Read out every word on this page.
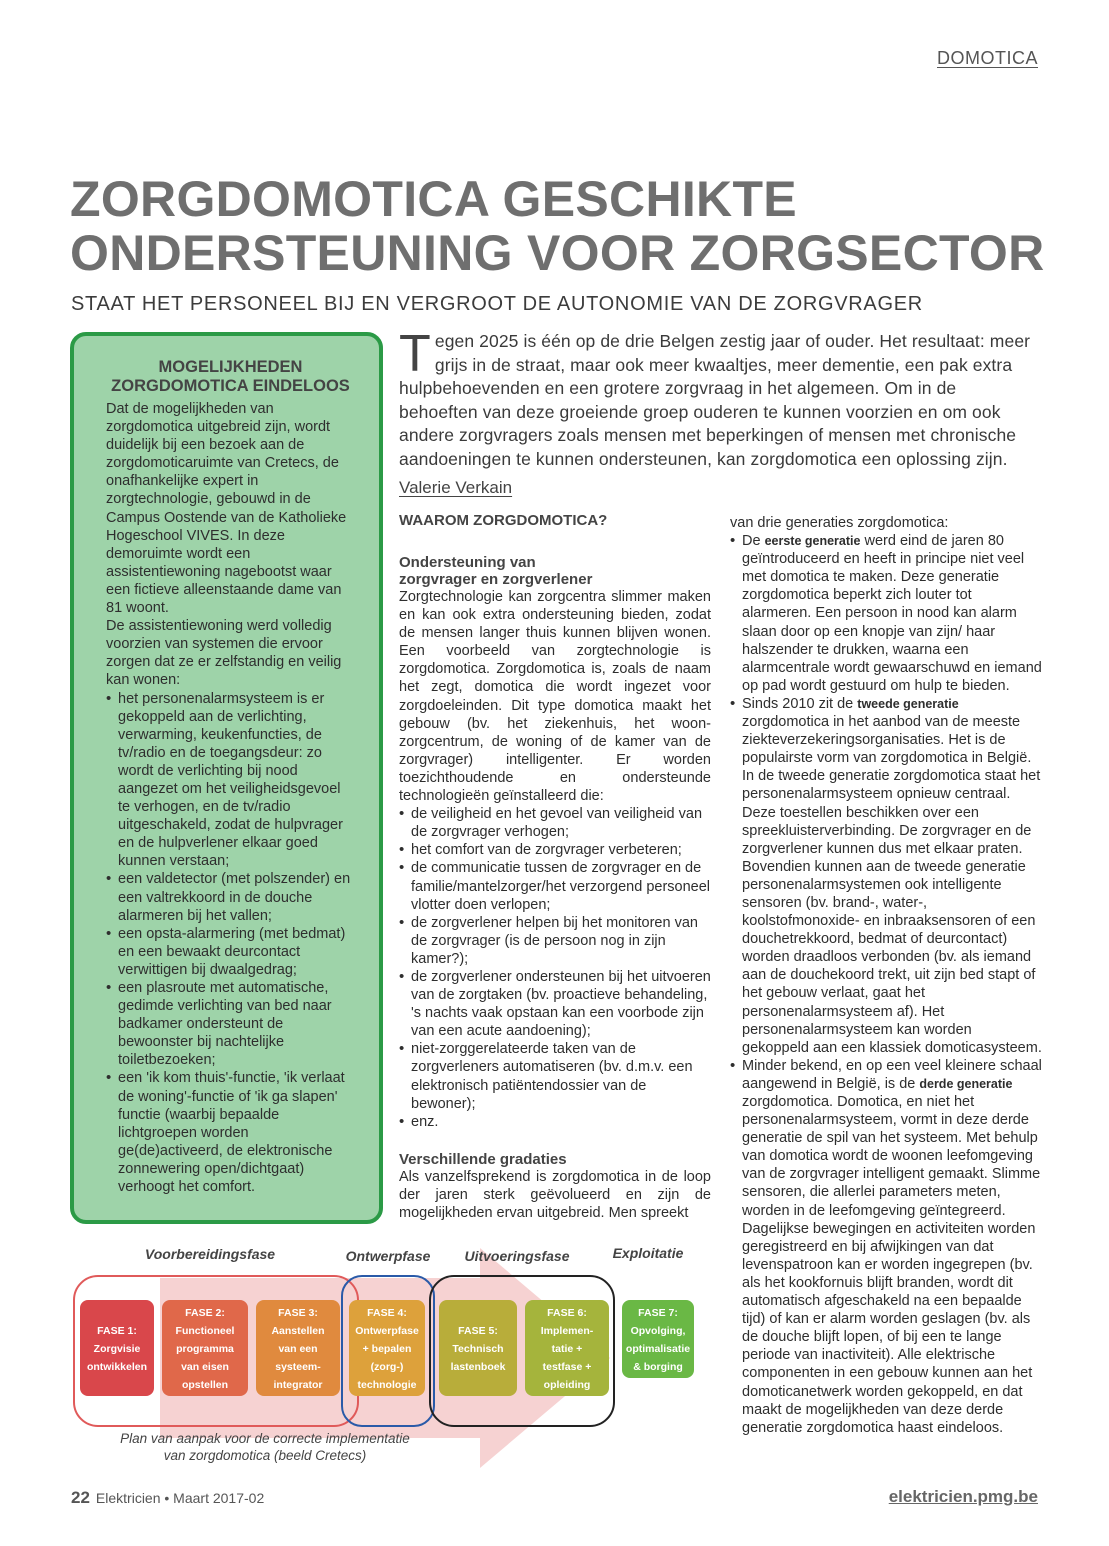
DOMOTICA
ZORGDOMOTICA GESCHIKTE
ONDERSTEUNING VOOR ZORGSECTOR
STAAT HET PERSONEEL BIJ EN VERGROOT DE AUTONOMIE VAN DE ZORGVRAGER
MOGELIJKHEDEN
ZORGDOMOTICA EINDELOOS

Dat de mogelijkheden van zorgdomotica uitgebreid zijn, wordt duidelijk bij een bezoek aan de zorgdomoticaruimte van Cretecs, de onafhankelijke expert in zorgtechnologie, gebouwd in de Campus Oostende van de Katholieke Hogeschool VIVES. In deze demoruimte wordt een assistentiewoning nagebootst waar een fictieve alleenstaande dame van 81 woont.

De assistentiewoning werd volledig voorzien van systemen die ervoor zorgen dat ze er zelfstandig en veilig kan wonen:

• het personenalarmsysteem is er gekoppeld aan de verlichting, verwarming, keukenfuncties, de tv/radio en de toegangsdeur: zo wordt de verlichting bij nood aangezet om het veiligheidsgevoel te verhogen, en de tv/radio uitgeschakeld, zodat de hulpvrager en de hulpverlener elkaar goed kunnen verstaan;
• een valdetector (met polszender) en een valtrekkoord in de douche alarmeren bij het vallen;
• een opsta-alarmering (met bedmat) en een bewaakt deurcontact verwittigen bij dwaalgedrag;
• een plasroute met automatische, gedimde verlichting van bed naar badkamer ondersteunt de bewoonster bij nachtelijke toiletbezoeken;
• een 'ik kom thuis'-functie, 'ik verlaat de woning'-functie of 'ik ga slapen' functie (waarbij bepaalde lichtgroepen worden ge(de)activeerd, de elektronische zonnewering open/dichtgaat) verhoogt het comfort.
Tegen 2025 is één op de drie Belgen zestig jaar of ouder. Het resultaat: meer grijs in de straat, maar ook meer kwaaltjes, meer dementie, een pak extra hulpbehoevenden en een grotere zorgvraag in het algemeen. Om in de behoeften van deze groeiende groep ouderen te kunnen voorzien en om ook andere zorgvragers zoals mensen met beperkingen of mensen met chronische aandoeningen te kunnen ondersteunen, kan zorgdomotica een oplossing zijn.
Valerie Verkain
WAAROM ZORGDOMOTICA?
Ondersteuning van
zorgvrager en zorgverlener

Zorgtechnologie kan zorgcentra slimmer maken en kan ook extra ondersteuning bieden, zodat de mensen langer thuis kunnen blijven wonen. Een voorbeeld van zorgtechnologie is zorgdomotica. Zorgdomotica is, zoals de naam het zegt, domotica die wordt ingezet voor zorgdoeleinden. Dit type domotica maakt het gebouw (bv. het ziekenhuis, het woon-zorgcentrum, de woning of de kamer van de zorgvrager) intelligenter. Er worden toezichthoudende en ondersteunde technologieën geïnstalleerd die:

• de veiligheid en het gevoel van veiligheid van de zorgvrager verhogen;
• het comfort van de zorgvrager verbeteren;
• de communicatie tussen de zorgvrager en de familie/mantelzorger/het verzorgend personeel vlotter doen verlopen;
• de zorgverlener helpen bij het monitoren van de zorgvrager (is de persoon nog in zijn kamer?);
• de zorgverlener ondersteunen bij het uitvoeren van de zorgtaken (bv. proactieve behandeling, 's nachts vaak opstaan kan een voorbode zijn van een acute aandoening);
• niet-zorggerelateerde taken van de zorgverleners automatiseren (bv. d.m.v. een elektronisch patiëntendossier van de bewoner);
• enz.
Verschillende gradaties

Als vanzelfsprekend is zorgdomotica in de loop der jaren sterk geëvolueerd en zijn de mogelijkheden ervan uitgebreid. Men spreekt

van drie generaties zorgdomotica:

• De eerste generatie werd eind de jaren 80 geïntroduceerd en heeft in principe niet veel met domotica te maken. Deze generatie zorgdomotica beperkt zich louter tot alarmeren. Een persoon in nood kan alarm slaan door op een knopje van zijn/ haar halszender te drukken, waarna een alarmcentrale wordt gewaarschuwd en iemand op pad wordt gestuurd om hulp te bieden.
• Sinds 2010 zit de tweede generatie zorgdomotica in het aanbod van de meeste ziekteverzekeringsorganisaties. Het is de populairste vorm van zorgdomotica in België. In de tweede generatie zorgdomotica staat het personenalarmsysteem opnieuw centraal. Deze toestellen beschikken over een spreekluisterverbinding. De zorgvrager en de zorgverlener kunnen dus met elkaar praten. Bovendien kunnen aan de tweede generatie personenalarmsystemen ook intelligente sensoren (bv. brand-, water-, koolstofmonoxide- en inbraaksensoren of een douchetrekkoord, bedmat of deurcontact) worden draadloos verbonden (bv. als iemand aan de douchekoord trekt, uit zijn bed stapt of het gebouw verlaat, gaat het personenalarmsysteem af). Het personenalarmsysteem kan worden gekoppeld aan een klassiek domoticasysteem.
• Minder bekend, en op een veel kleinere schaal aangewend in België, is de derde generatie zorgdomotica. Domotica, en niet het personenalarmsysteem, vormt in deze derde generatie de spil van het systeem. Met behulp van domotica wordt de woonen leefomgeving van de zorgvrager intelligent gemaakt. Slimme sensoren, die allerlei parameters meten, worden in de leefomgeving geïntegreerd. Dagelijkse bewegingen en activiteiten worden geregistreerd en bij afwijkingen van dat levenspatroon kan er worden ingegrepen (bv. als het kookfornuis blijft branden, wordt dit automatisch afgeschakeld na een bepaalde tijd) of kan er alarm worden geslagen (bv. als de douche blijft lopen, of bij een te lange periode van inactiviteit). Alle elektrische componenten in een gebouw kunnen aan het domoticanetwerk worden gekoppeld, en dat maakt de mogelijkheden van deze derde generatie zorgdomotica haast eindeloos.
Voorbereidingsfase	Ontwerpfase Uitvoeringsfase	Exploitatie
FASE 1:
Zorgvisie
ontwikkelen
FASE 2:
Functioneel
programma
van eisen
opstellen
FASE 3:
Aanstellen
van een
systeem-
integrator
FASE 4:
Ontwerpfase
+ bepalen
(zorg-)
technologie
FASE 5:
Technisch
lastenboek
FASE 6:
Implemen-
tatie +
testfase +
opleiding
FASE 7:
Opvolging,
optimalisatie
& borging
Plan van aanpak voor de correcte implementatie
van zorgdomotica (beeld Cretecs)
22 Elektricien • Maart 2017-02	elektricien.pmg.be
